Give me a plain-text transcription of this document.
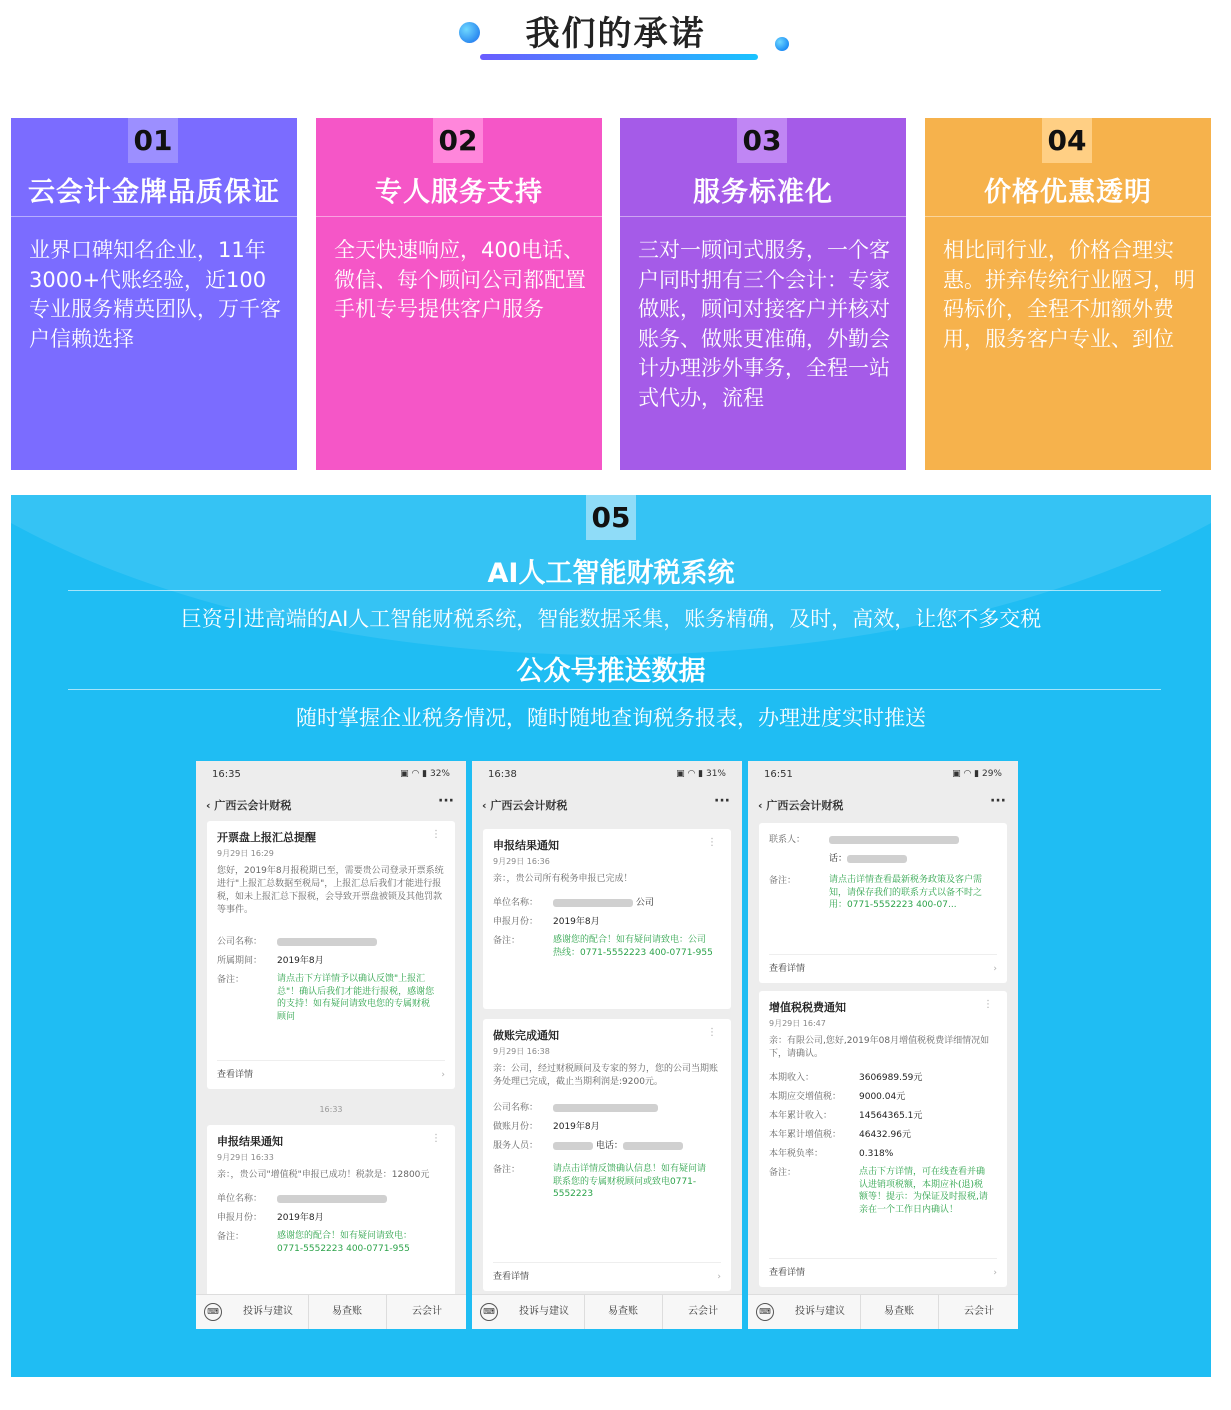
我们的承诺
01
云会计金牌品质保证
业界口碑知名企业，11年3000+代账经验，近100专业服务精英团队，万千客户信赖选择
02
专人服务支持
全天快速响应，400电话、微信、每个顾问公司都配置手机专号提供客户服务
03
服务标准化
三对一顾问式服务，一个客户同时拥有三个会计：专家做账，顾问对接客户并核对账务、做账更准确，外勤会计办理涉外事务，全程一站式代办，流程
04
价格优惠透明
相比同行业，价格合理实惠。拼弃传统行业陋习，明码标价，全程不加额外费用，服务客户专业、到位
05
AI人工智能财税系统
巨资引进高端的AI人工智能财税系统，智能数据采集，账务精确，及时，高效，让您不多交税
公众号推送数据
随时掌握企业税务情况，随时随地查询税务报表，办理进度实时推送
16:35	▣ ◠ ▮ 32%
‹ 广西云会计财税	···
开票盘上报汇总提醒	⋮
9月29日 16:29
您好，2019年8月报税期已至，需要贵公司登录开票系统进行"上报汇总数据至税局"，上报汇总后我们才能进行报税，如未上报汇总下报税，会导致开票盘被锁及其他罚款等事件。
公司名称：
所属期间： 2019年8月
备注：	请点击下方详情予以确认反馈"上报汇总"！确认后我们才能进行报税，感谢您的支持！如有疑问请致电您的专属财税顾问
查看详情	›
16:33
申报结果通知	⋮
9月29日 16:33
亲：，贵公司"增值税"申报已成功！税款是：12800元
单位名称：
申报月份： 2019年8月
备注：	感谢您的配合！如有疑问请致电：0771-5552223 400-0771-955
⌨	投诉与建议	易查账	云会计
16:38	▣ ◠ ▮ 31%
‹ 广西云会计财税	···
申报结果通知	⋮
9月29日 16:36
亲：，贵公司所有税务申报已完成！
单位名称：	公司
申报月份： 2019年8月
备注：	感谢您的配合！如有疑问请致电：公司热线：0771-5552223 400-0771-955
做账完成通知	⋮
9月29日 16:38
亲：公司，经过财税顾问及专家的努力，您的公司当期账务处理已完成，截止当期利润是:9200元。
公司名称：
做账月份： 2019年8月
服务人员：	电话：
备注：	请点击详情反馈确认信息！如有疑问请联系您的专属财税顾问或致电0771-5552223
查看详情	›
⌨	投诉与建议	易查账	云会计
16:51	▣ ◠ ▮ 29%
‹ 广西云会计财税	···
联系人：
话：
备注：	请点击详情查看最新税务政策及客户需知，请保存我们的联系方式以备不时之用：0771-5552223 400-07...
查看详情	›
增值税税费通知	⋮
9月29日 16:47
亲：有限公司,您好,2019年08月增值税税费详细情况如下，请确认。
本期收入：	3606989.59元
本期应交增值税： 9000.04元
本年累计收入：	14564365.1元
本年累计增值税： 46432.96元
本年税负率：	0.318%
备注：	点击下方详情，可在线查看并确认进销项税额，本期应补(退)税额等！提示：为保证及时报税,请亲在一个工作日内确认！
查看详情	›
⌨	投诉与建议	易查账	云会计
